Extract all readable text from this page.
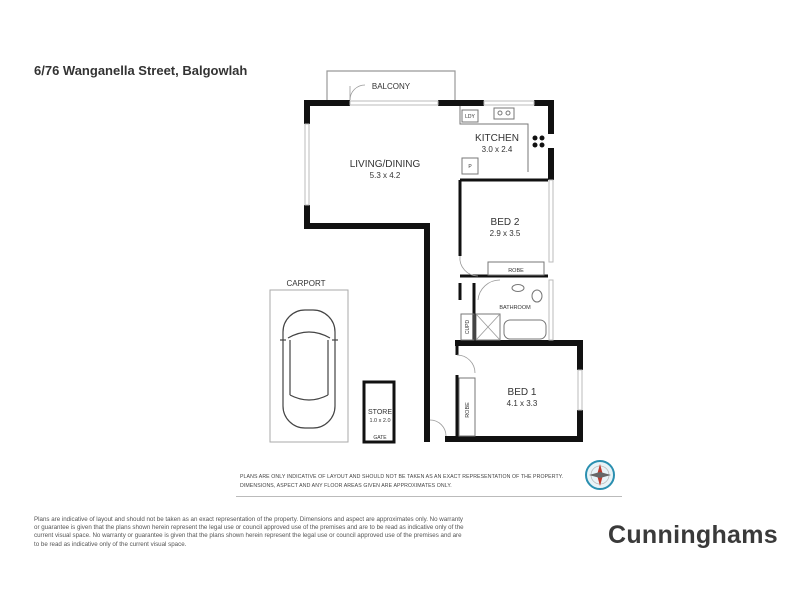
6/76 Wanganella Street, Balgowlah
BALCONY
LDY
P
LIVING/DINING
5.3 x 4.2
KITCHEN
3.0 x 2.4
BED 2
2.9 x 3.5
BED 1
4.1 x 3.3
ROBE
BATHROOM
CUPD
ROBE
CARPORT
STORE
1.0 x 2.0
GATE
PLANS ARE ONLY INDICATIVE OF LAYOUT AND SHOULD NOT BE TAKEN AS AN EXACT REPRESENTATION OF THE PROPERTY. DIMENSIONS, ASPECT AND ANY FLOOR AREAS GIVEN ARE APPROXIMATES ONLY.
Plans are indicative of layout and should not be taken as an exact representation of the property. Dimensions and aspect are approximates only. No warranty or guarantee is given that the plans shown herein represent the legal use or council approved use of the premises and are to be read as indicative only of the current visual space. No warranty or guarantee is given that the plans shown herein represent the legal use or council approved use of the premises and are to be read as indicative only of the current visual space.	Cunninghams
